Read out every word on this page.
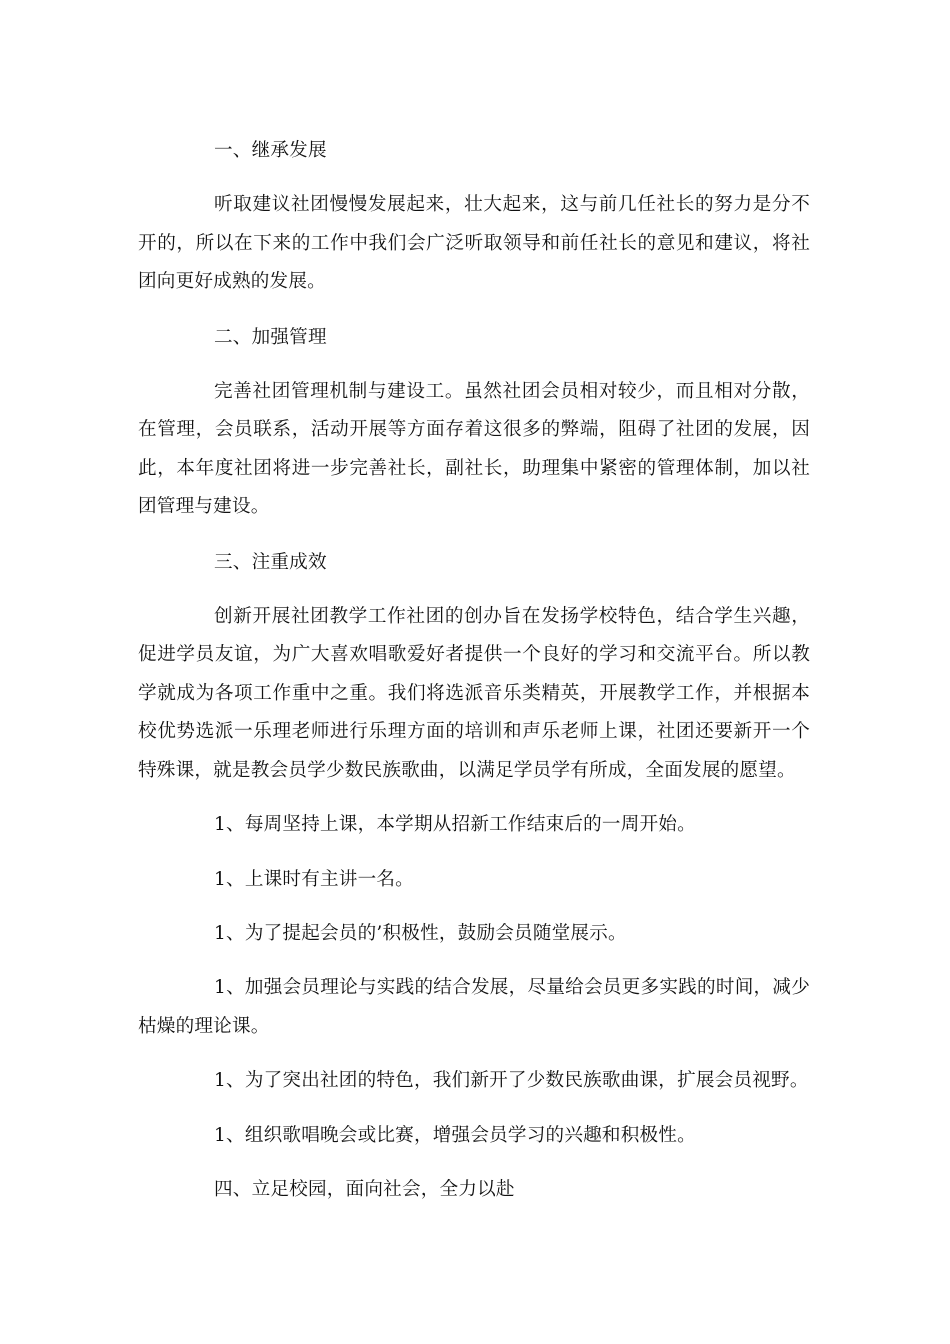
一、继承发展

听取建议社团慢慢发展起来，壮大起来，这与前几任社长的努力是分不开的，所以在下来的工作中我们会广泛听取领导和前任社长的意见和建议，将社团向更好成熟的发展。

二、加强管理

完善社团管理机制与建设工。虽然社团会员相对较少，而且相对分散，在管理，会员联系，活动开展等方面存着这很多的弊端，阻碍了社团的发展，因此，本年度社团将进一步完善社长，副社长，助理集中紧密的管理体制，加以社团管理与建设。

三、注重成效

创新开展社团教学工作社团的创办旨在发扬学校特色，结合学生兴趣，促进学员友谊，为广大喜欢唱歌爱好者提供一个良好的学习和交流平台。所以教学就成为各项工作重中之重。我们将选派音乐类精英，开展教学工作，并根据本校优势选派一乐理老师进行乐理方面的培训和声乐老师上课，社团还要新开一个特殊课，就是教会员学少数民族歌曲，以满足学员学有所成，全面发展的愿望。

1、每周坚持上课，本学期从招新工作结束后的一周开始。

1、上课时有主讲一名。

1、为了提起会员的’积极性，鼓励会员随堂展示。

1、加强会员理论与实践的结合发展，尽量给会员更多实践的时间，减少枯燥的理论课。

1、为了突出社团的特色，我们新开了少数民族歌曲课，扩展会员视野。

1、组织歌唱晚会或比赛，增强会员学习的兴趣和积极性。

四、立足校园，面向社会，全力以赴
